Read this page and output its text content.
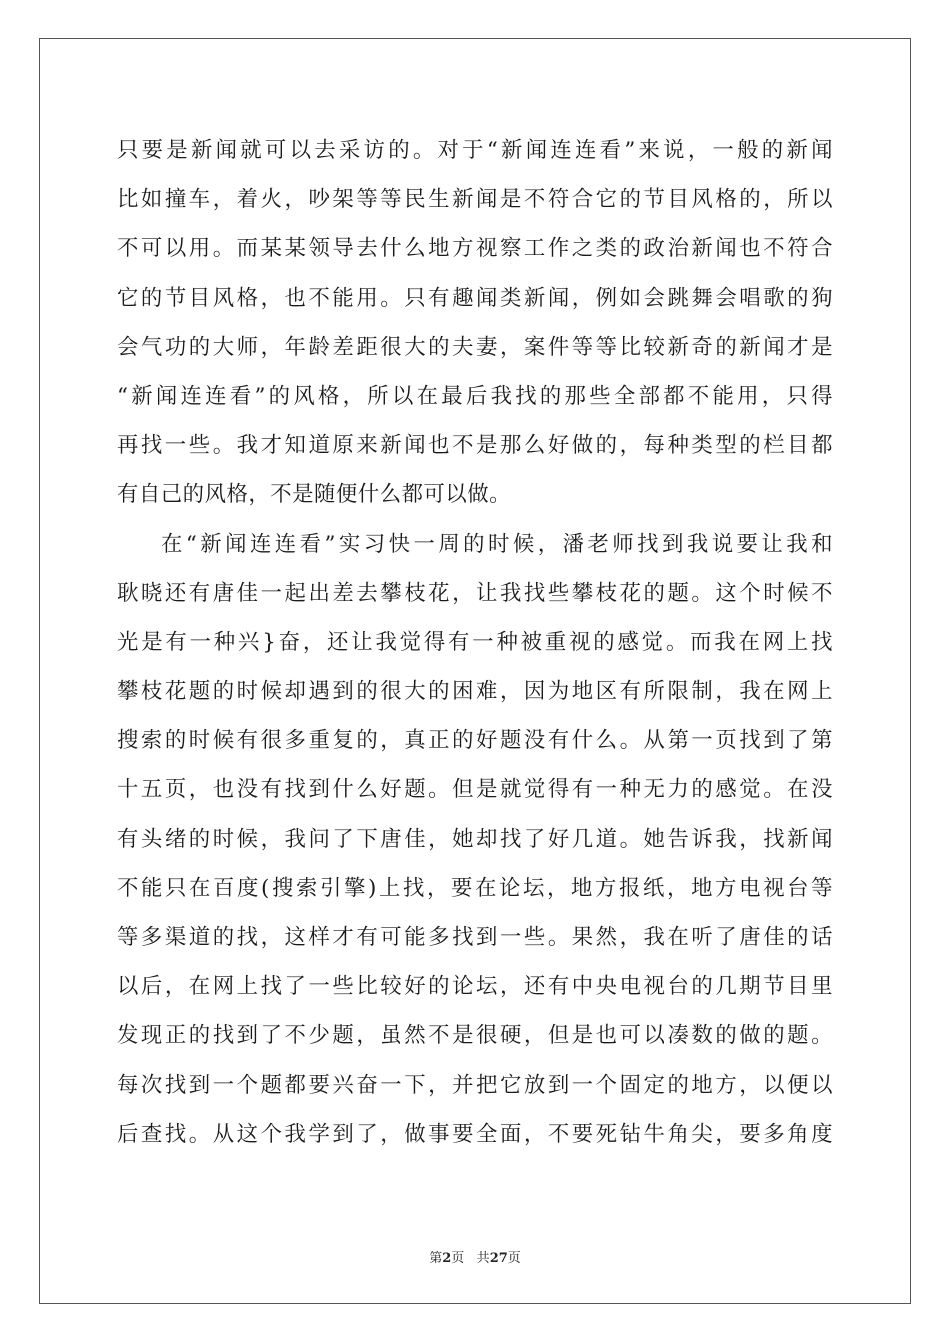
只要是新闻就可以去采访的。对于“新闻连连看”来说，一般的新闻
比如撞车，着火，吵架等等民生新闻是不符合它的节目风格的，所以
不可以用。而某某领导去什么地方视察工作之类的政治新闻也不符合
它的节目风格，也不能用。只有趣闻类新闻，例如会跳舞会唱歌的狗
会气功的大师，年龄差距很大的夫妻，案件等等比较新奇的新闻才是
“新闻连连看”的风格，所以在最后我找的那些全部都不能用，只得
再找一些。我才知道原来新闻也不是那么好做的，每种类型的栏目都
有自己的风格，不是随便什么都可以做。
在“新闻连连看”实习快一周的时候，潘老师找到我说要让我和
耿晓还有唐佳一起出差去攀枝花，让我找些攀枝花的题。这个时候不
光是有一种兴}奋，还让我觉得有一种被重视的感觉。而我在网上找
攀枝花题的时候却遇到的很大的困难，因为地区有所限制，我在网上
搜索的时候有很多重复的，真正的好题没有什么。从第一页找到了第
十五页，也没有找到什么好题。但是就觉得有一种无力的感觉。在没
有头绪的时候，我问了下唐佳，她却找了好几道。她告诉我，找新闻
不能只在百度(搜索引擎)上找，要在论坛，地方报纸，地方电视台等
等多渠道的找，这样才有可能多找到一些。果然，我在听了唐佳的话
以后，在网上找了一些比较好的论坛，还有中央电视台的几期节目里
发现正的找到了不少题，虽然不是很硬，但是也可以凑数的做的题。
每次找到一个题都要兴奋一下，并把它放到一个固定的地方，以便以
后查找。从这个我学到了，做事要全面，不要死钻牛角尖，要多角度
第2页 共27页
